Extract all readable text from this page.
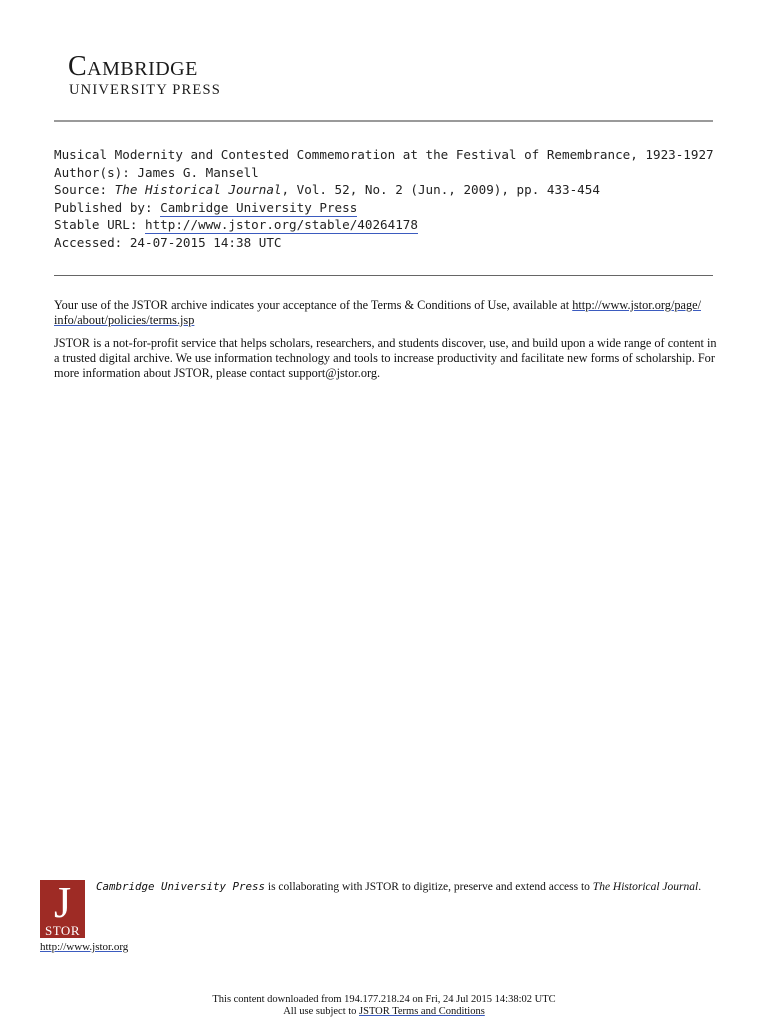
Cambridge
UNIVERSITY PRESS
Musical Modernity and Contested Commemoration at the Festival of Remembrance, 1923-1927
Author(s): James G. Mansell
Source: The Historical Journal, Vol. 52, No. 2 (Jun., 2009), pp. 433-454
Published by: Cambridge University Press
Stable URL: http://www.jstor.org/stable/40264178
Accessed: 24-07-2015 14:38 UTC

Your use of the JSTOR archive indicates your acceptance of the Terms & Conditions of Use, available at http://www.jstor.org/page/
info/about/policies/terms.jsp

JSTOR is a not-for-profit service that helps scholars, researchers, and students discover, use, and build upon a wide range of content in a trusted digital archive. We use information technology and tools to increase productivity and facilitate new forms of scholarship. For more information about JSTOR, please contact support@jstor.org.

J
STOR
http://www.jstor.org
Cambridge University Press is collaborating with JSTOR to digitize, preserve and extend access to The Historical Journal.
This content downloaded from 194.177.218.24 on Fri, 24 Jul 2015 14:38:02 UTC
All use subject to JSTOR Terms and Conditions
